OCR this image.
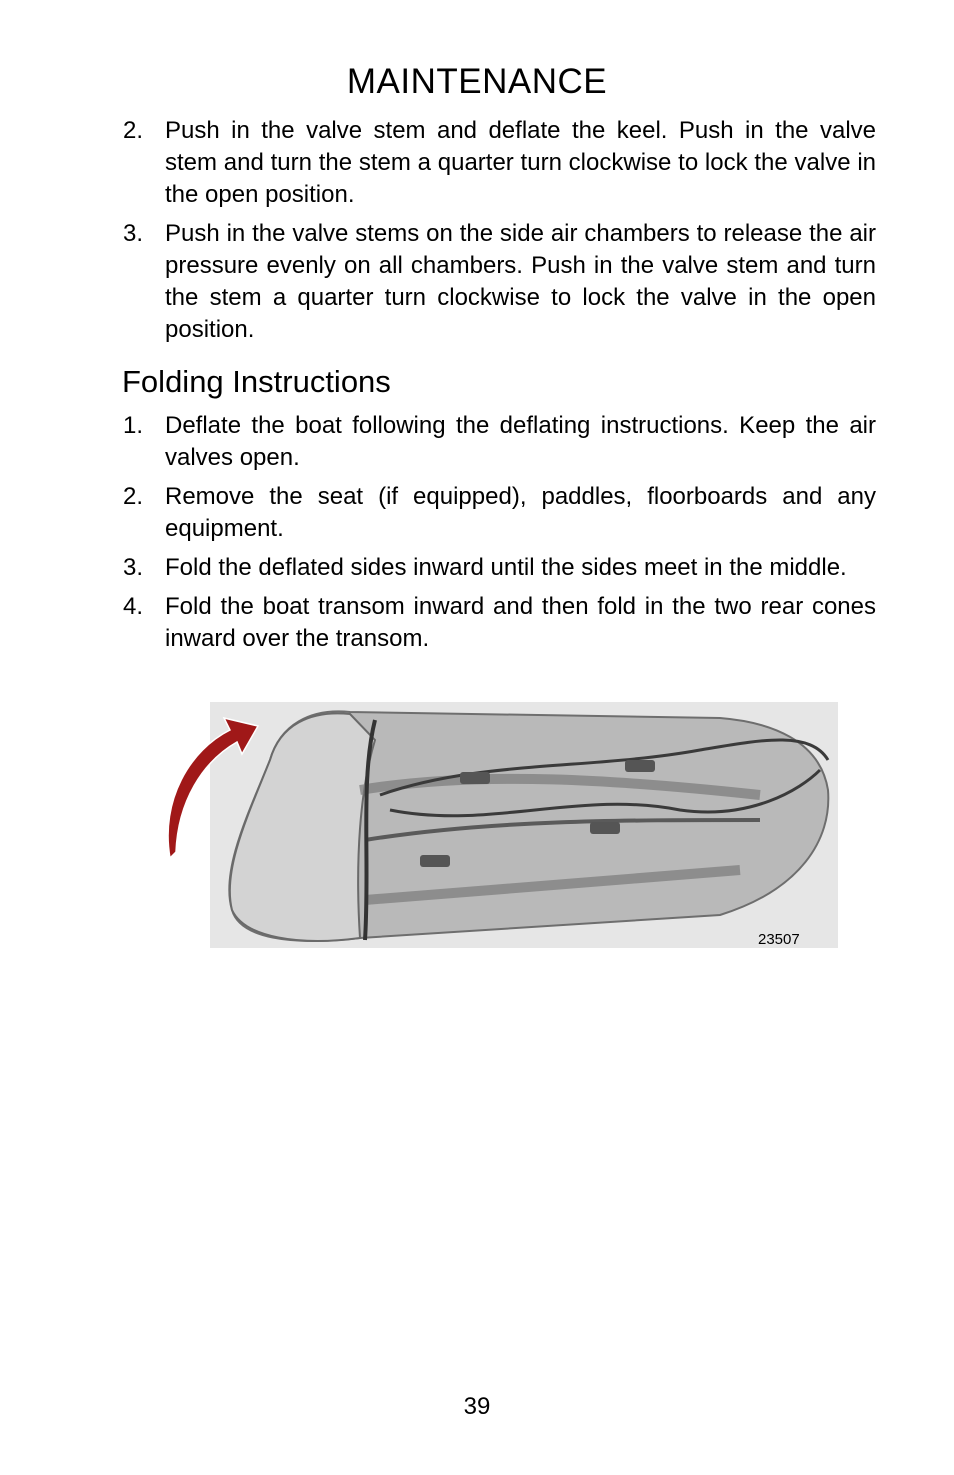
MAINTENANCE
2. Push in the valve stem and deflate the keel. Push in the valve stem and turn the stem a quarter turn clockwise to lock the valve in the open position.
3. Push in the valve stems on the side air chambers to release the air pressure evenly on all chambers. Push in the valve stem and turn the stem a quarter turn clockwise to lock the valve in the open position.
Folding Instructions
1. Deflate the boat following the deflating instructions. Keep the air valves open.
2. Remove the seat (if equipped), paddles, floorboards and any equipment.
3. Fold the deflated sides inward until the sides meet in the middle.
4. Fold the boat transom inward and then fold in the two rear cones inward over the transom.
23507
39
